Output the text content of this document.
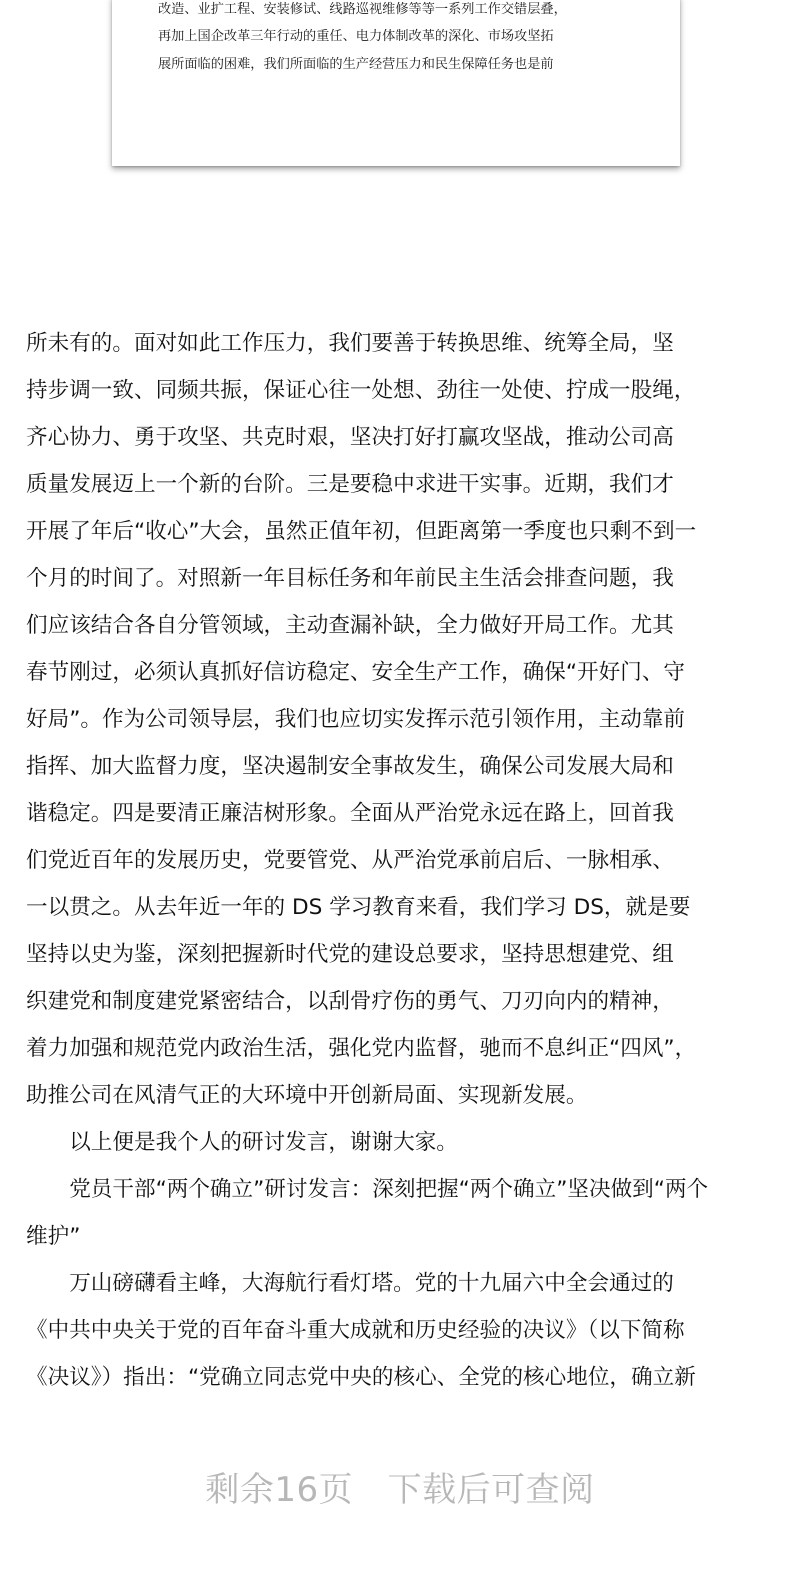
改造、业扩工程、安装修试、线路巡视维修等等一系列工作交错层叠，
再加上国企改革三年行动的重任、电力体制改革的深化、市场攻坚拓
展所面临的困难，我们所面临的生产经营压力和民生保障任务也是前
所未有的。面对如此工作压力，我们要善于转换思维、统筹全局，坚
持步调一致、同频共振，保证心往一处想、劲往一处使、拧成一股绳，
齐心协力、勇于攻坚、共克时艰，坚决打好打赢攻坚战，推动公司高
质量发展迈上一个新的台阶。三是要稳中求进干实事。近期，我们才
开展了年后“收心”大会，虽然正值年初，但距离第一季度也只剩不到一
个月的时间了。对照新一年目标任务和年前民主生活会排查问题，我
们应该结合各自分管领域，主动查漏补缺，全力做好开局工作。尤其
春节刚过，必须认真抓好信访稳定、安全生产工作，确保“开好门、守
好局”。作为公司领导层，我们也应切实发挥示范引领作用，主动靠前
指挥、加大监督力度，坚决遏制安全事故发生，确保公司发展大局和
谐稳定。四是要清正廉洁树形象。全面从严治党永远在路上，回首我
们党近百年的发展历史，党要管党、从严治党承前启后、一脉相承、
一以贯之。从去年近一年的 DS 学习教育来看，我们学习 DS，就是要
坚持以史为鉴，深刻把握新时代党的建设总要求，坚持思想建党、组
织建党和制度建党紧密结合，以刮骨疗伤的勇气、刀刃向内的精神，
着力加强和规范党内政治生活，强化党内监督，驰而不息纠正“四风”，
助推公司在风清气正的大环境中开创新局面、实现新发展。
　　以上便是我个人的研讨发言，谢谢大家。
　　党员干部“两个确立”研讨发言：深刻把握“两个确立”坚决做到“两个
维护”
　　万山磅礴看主峰，大海航行看灯塔。党的十九届六中全会通过的
《中共中央关于党的百年奋斗重大成就和历史经验的决议》（以下简称
《决议》）指出：“党确立同志党中央的核心、全党的核心地位，确立新
剩余16页　 下载后可查阅
